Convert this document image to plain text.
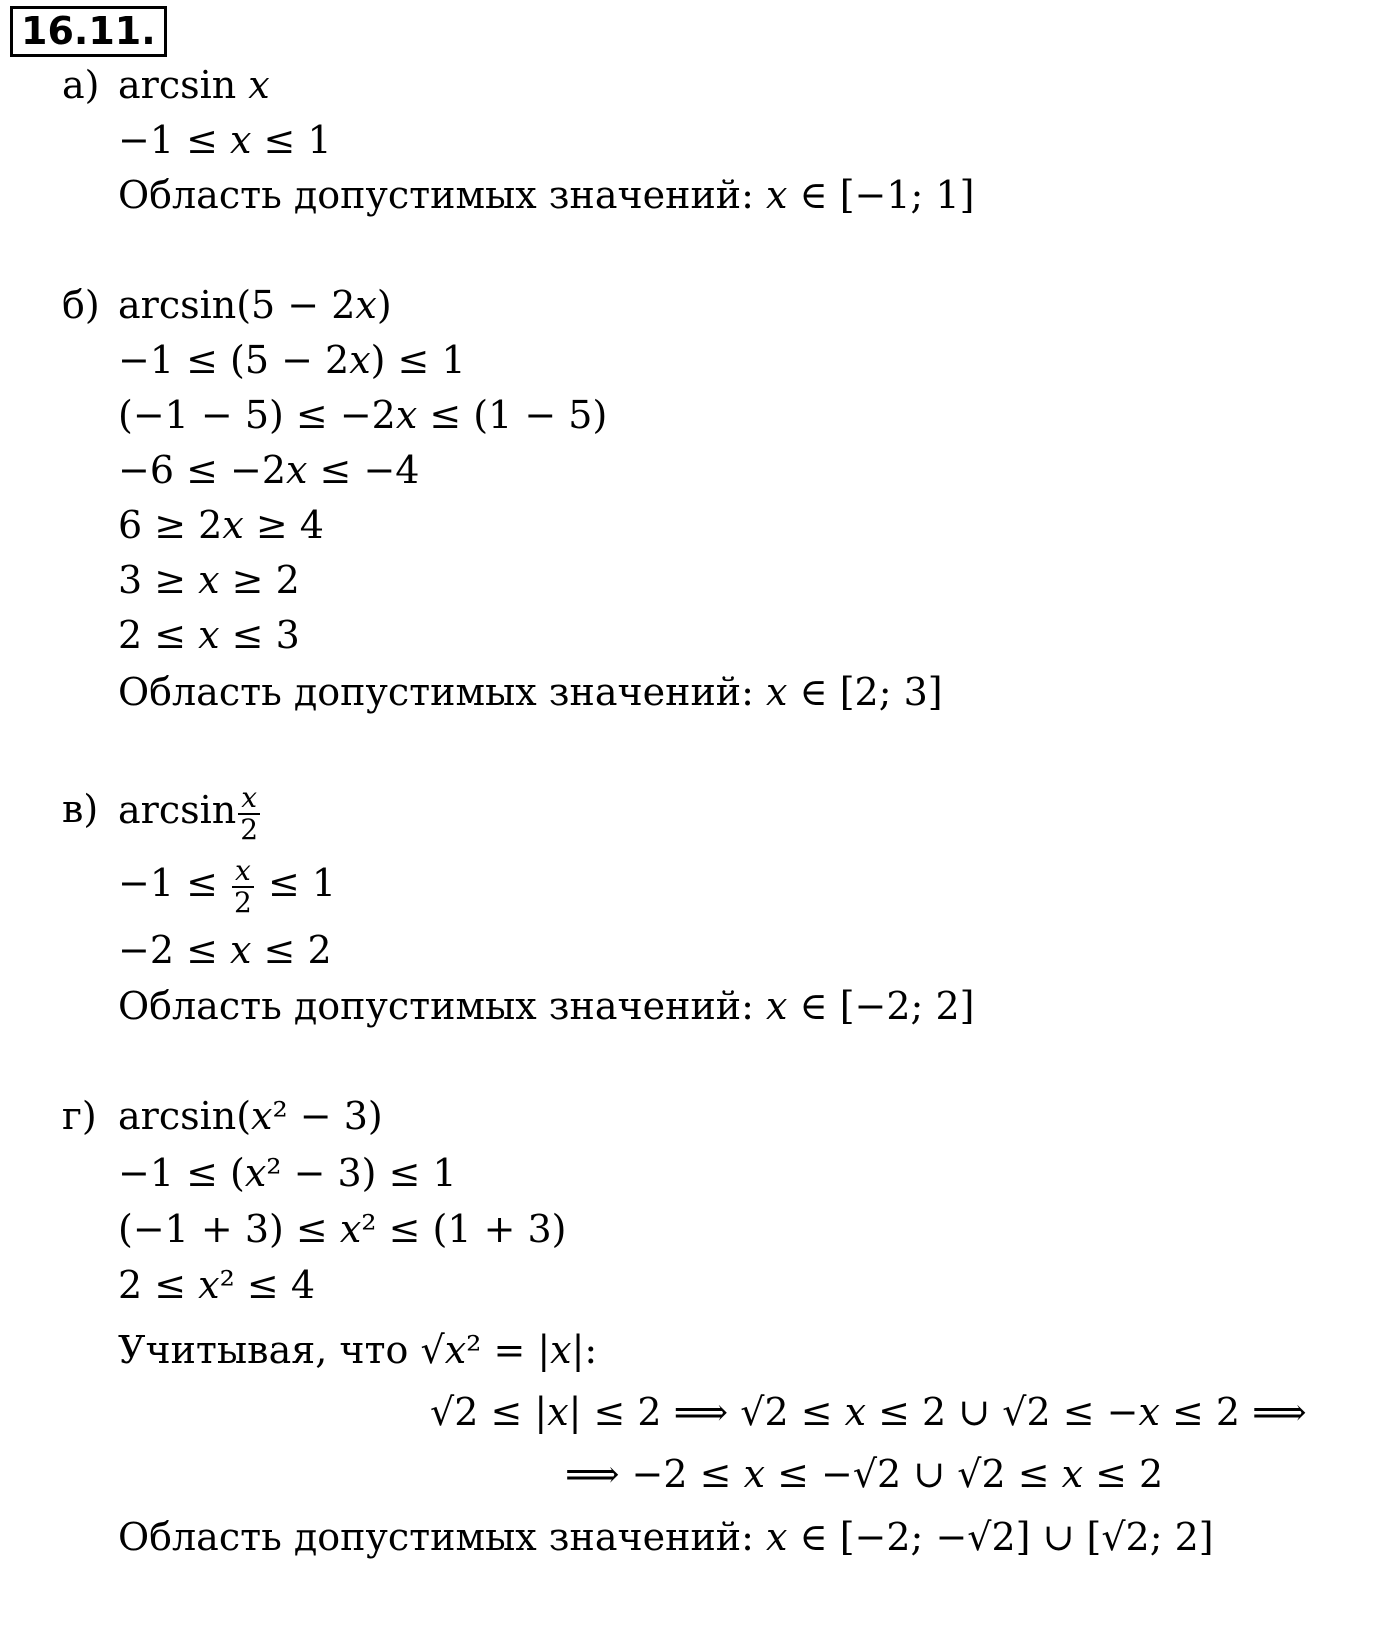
16.11.
а) arcsin 𝑥
−1 ≤ 𝑥 ≤ 1
Область допустимых значений: 𝑥 ∈ [−1; 1]
б) arcsin(5 − 2𝑥)
−1 ≤ (5 − 2𝑥) ≤ 1
(−1 − 5) ≤ −2𝑥 ≤ (1 − 5)
−6 ≤ −2𝑥 ≤ −4
6 ≥ 2𝑥 ≥ 4
3 ≥ 𝑥 ≥ 2
2 ≤ 𝑥 ≤ 3
Область допустимых значений: 𝑥 ∈ [2; 3]
в) $\arcsin \frac{\text{𝑥}}{2}$
$-1 \le \frac{\text{𝑥}}{2} \le 1$
−2 ≤ 𝑥 ≤ 2
Область допустимых значений: 𝑥 ∈ [−2; 2]
г) arcsin(𝑥² − 3)
−1 ≤ (𝑥² − 3) ≤ 1
(−1 + 3) ≤ 𝑥² ≤ (1 + 3)
2 ≤ 𝑥² ≤ 4
Учитывая, что √𝑥² = |𝑥|:
√2 ≤ |𝑥| ≤ 2 ⟹ √2 ≤ 𝑥 ≤ 2 ∪ √2 ≤ −𝑥 ≤ 2 ⟹
⟹ −2 ≤ 𝑥 ≤ −√2 ∪ √2 ≤ 𝑥 ≤ 2
Область допустимых значений: 𝑥 ∈ [−2; −√2] ∪ [√2; 2]
